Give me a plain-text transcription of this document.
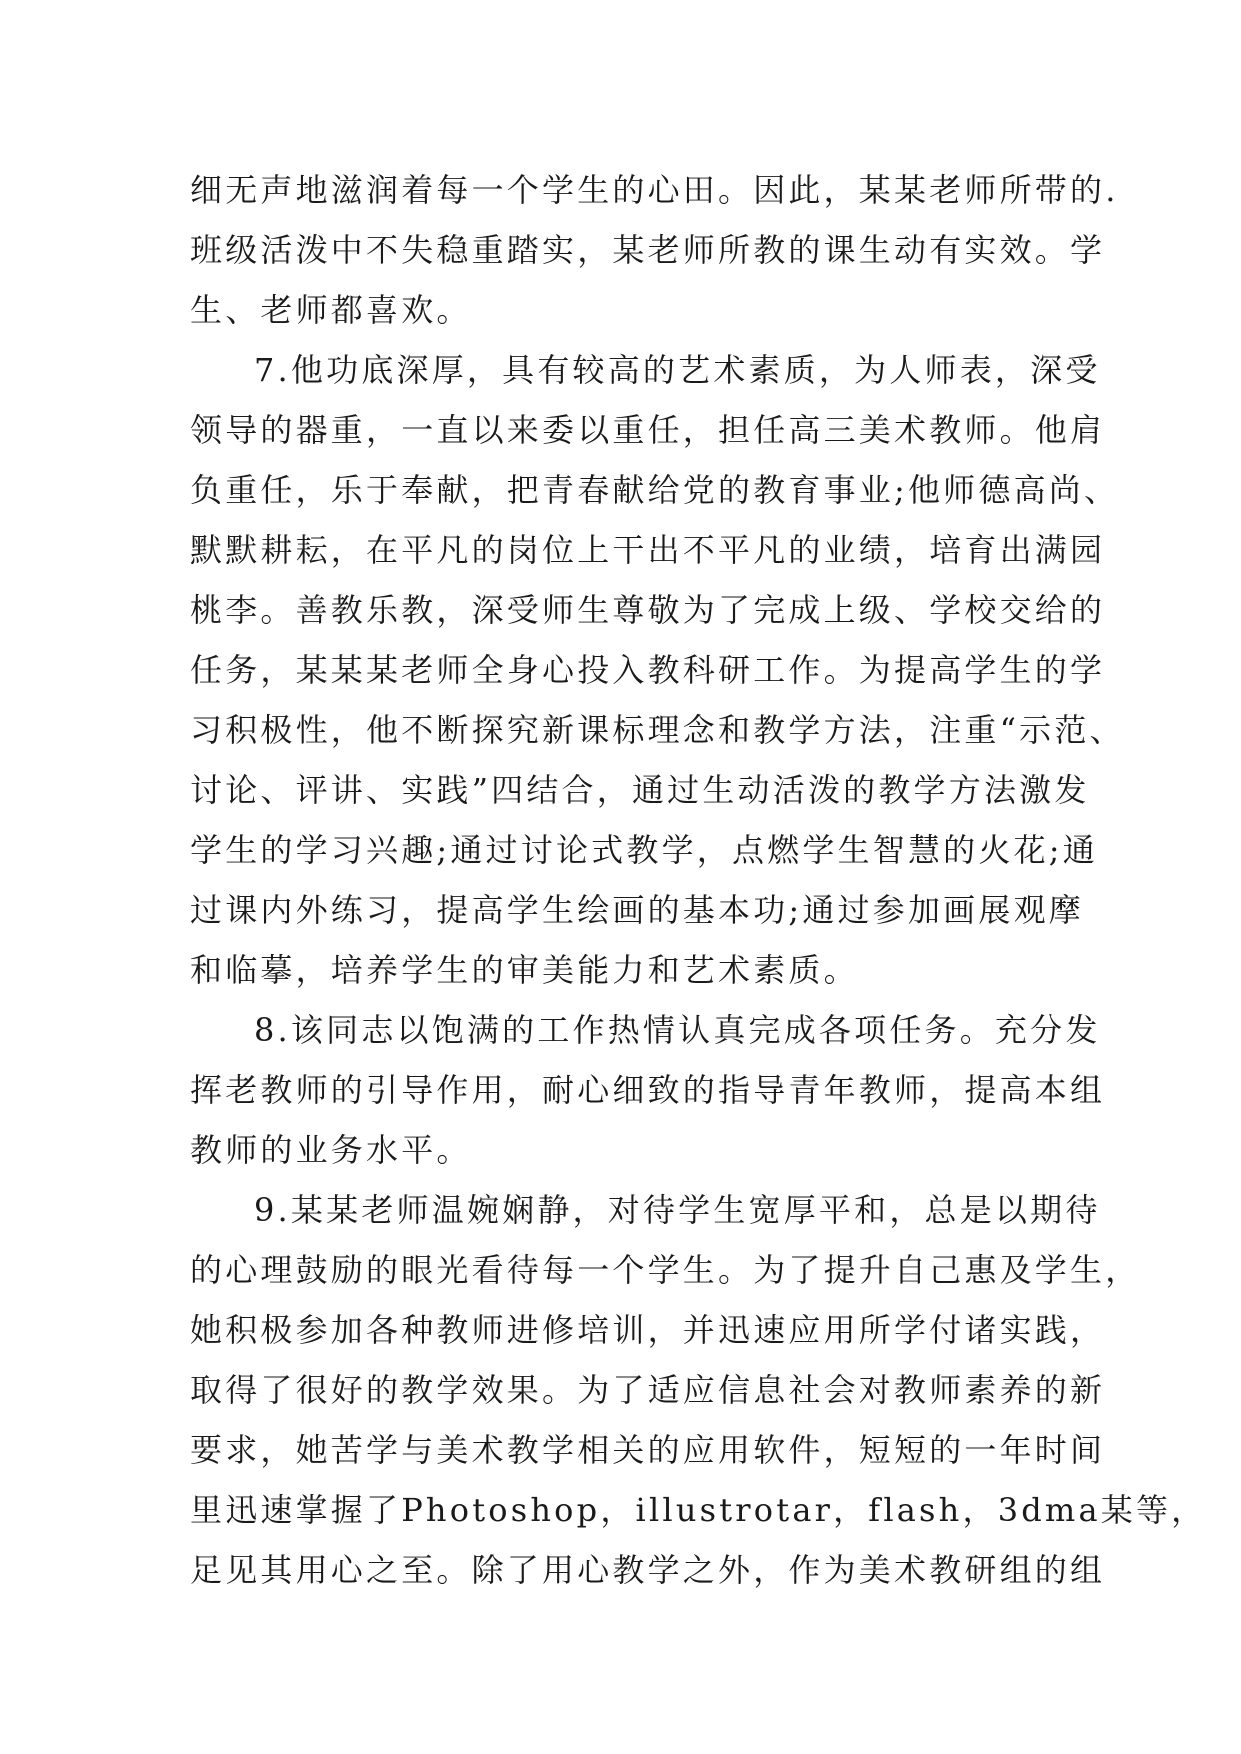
细无声地滋润着每一个学生的心田。因此，某某老师所带的.
班级活泼中不失稳重踏实，某老师所教的课生动有实效。学
生、老师都喜欢。
7.他功底深厚，具有较高的艺术素质，为人师表，深受
领导的器重，一直以来委以重任，担任高三美术教师。他肩
负重任，乐于奉献，把青春献给党的教育事业;他师德高尚、
默默耕耘，在平凡的岗位上干出不平凡的业绩，培育出满园
桃李。善教乐教，深受师生尊敬为了完成上级、学校交给的
任务，某某某老师全身心投入教科研工作。为提高学生的学
习积极性，他不断探究新课标理念和教学方法，注重“示范、
讨论、评讲、实践”四结合，通过生动活泼的教学方法激发
学生的学习兴趣;通过讨论式教学，点燃学生智慧的火花;通
过课内外练习，提高学生绘画的基本功;通过参加画展观摩
和临摹，培养学生的审美能力和艺术素质。
8.该同志以饱满的工作热情认真完成各项任务。充分发
挥老教师的引导作用，耐心细致的指导青年教师，提高本组
教师的业务水平。
9.某某老师温婉娴静，对待学生宽厚平和，总是以期待
的心理鼓励的眼光看待每一个学生。为了提升自己惠及学生，
她积极参加各种教师进修培训，并迅速应用所学付诸实践，
取得了很好的教学效果。为了适应信息社会对教师素养的新
要求，她苦学与美术教学相关的应用软件，短短的一年时间
里迅速掌握了Photoshop，illustrotar，flash，3dma某等，
足见其用心之至。除了用心教学之外，作为美术教研组的组
